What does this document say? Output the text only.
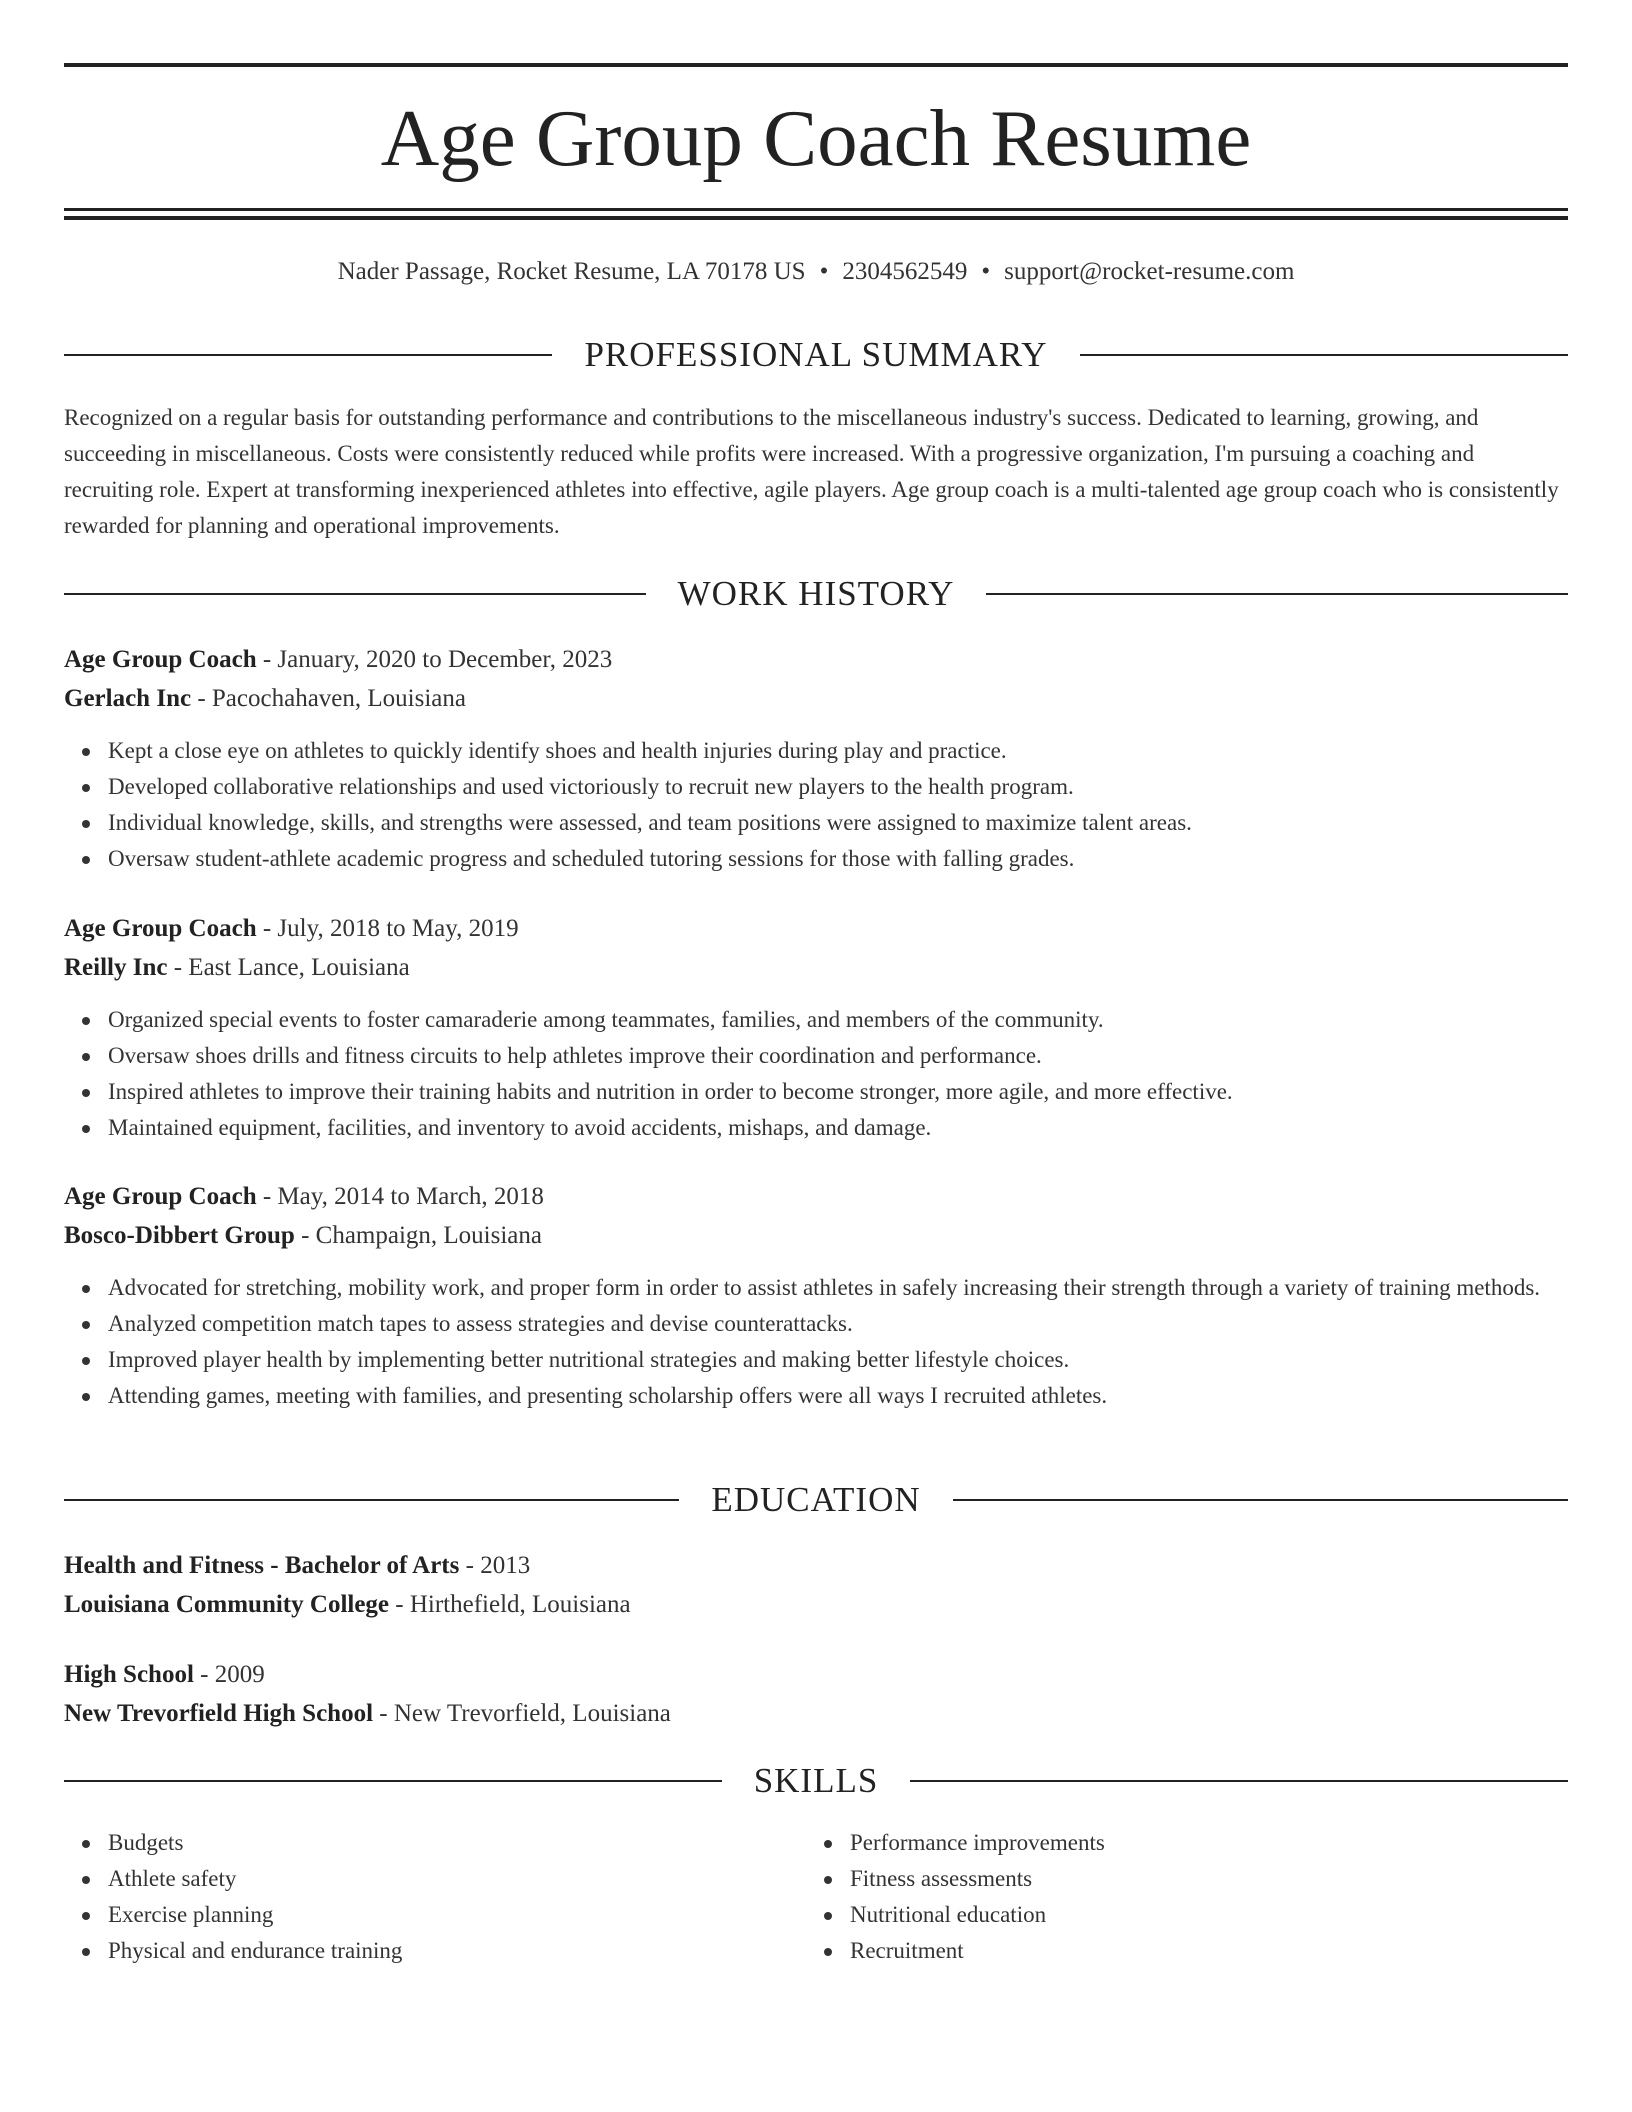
Age Group Coach Resume
Nader Passage, Rocket Resume, LA 70178 US • 2304562549 • support@rocket-resume.com
PROFESSIONAL SUMMARY
Recognized on a regular basis for outstanding performance and contributions to the miscellaneous industry's success. Dedicated to learning, growing, and succeeding in miscellaneous. Costs were consistently reduced while profits were increased. With a progressive organization, I'm pursuing a coaching and recruiting role. Expert at transforming inexperienced athletes into effective, agile players. Age group coach is a multi-talented age group coach who is consistently rewarded for planning and operational improvements.
WORK HISTORY
Age Group Coach - January, 2020 to December, 2023
Gerlach Inc - Pacochahaven, Louisiana
Kept a close eye on athletes to quickly identify shoes and health injuries during play and practice.
Developed collaborative relationships and used victoriously to recruit new players to the health program.
Individual knowledge, skills, and strengths were assessed, and team positions were assigned to maximize talent areas.
Oversaw student-athlete academic progress and scheduled tutoring sessions for those with falling grades.
Age Group Coach - July, 2018 to May, 2019
Reilly Inc - East Lance, Louisiana
Organized special events to foster camaraderie among teammates, families, and members of the community.
Oversaw shoes drills and fitness circuits to help athletes improve their coordination and performance.
Inspired athletes to improve their training habits and nutrition in order to become stronger, more agile, and more effective.
Maintained equipment, facilities, and inventory to avoid accidents, mishaps, and damage.
Age Group Coach - May, 2014 to March, 2018
Bosco-Dibbert Group - Champaign, Louisiana
Advocated for stretching, mobility work, and proper form in order to assist athletes in safely increasing their strength through a variety of training methods.
Analyzed competition match tapes to assess strategies and devise counterattacks.
Improved player health by implementing better nutritional strategies and making better lifestyle choices.
Attending games, meeting with families, and presenting scholarship offers were all ways I recruited athletes.
EDUCATION
Health and Fitness - Bachelor of Arts - 2013
Louisiana Community College - Hirthefield, Louisiana
High School - 2009
New Trevorfield High School - New Trevorfield, Louisiana
SKILLS
Budgets
Athlete safety
Exercise planning
Physical and endurance training
Performance improvements
Fitness assessments
Nutritional education
Recruitment
